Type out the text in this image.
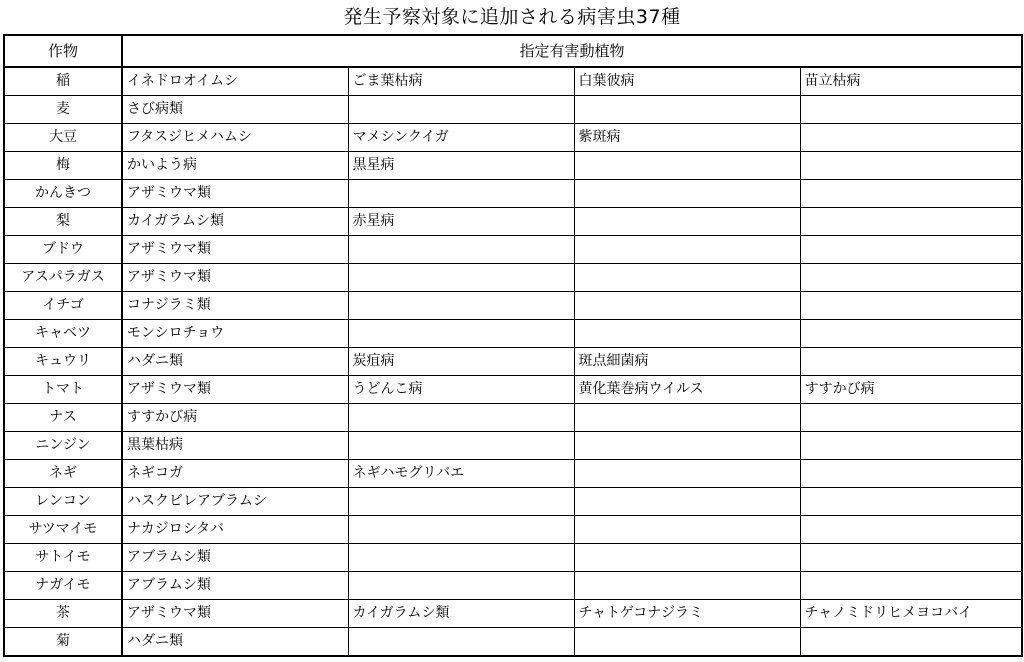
発生予察対象に追加される病害虫37種
作物	指定有害動植物			
稲	イネドロオイムシ	ごま葉枯病	白葉彼病	苗立枯病
麦	さび病類			
大豆	フタスジヒメハムシ	マメシンクイガ	紫斑病	
梅	かいよう病	黒星病		
かんきつ	アザミウマ類			
梨	カイガラムシ類	赤星病		
ブドウ	アザミウマ類			
アスパラガス	アザミウマ類			
イチゴ	コナジラミ類			
キャベツ	モンシロチョウ			
キュウリ	ハダニ類	炭疽病	斑点細菌病	
トマト	アザミウマ類	うどんこ病	黄化葉巻病ウイルス	すすかび病
ナス	すすかび病			
ニンジン	黒葉枯病			
ネギ	ネギコガ	ネギハモグリバエ		
レンコン	ハスクビレアブラムシ			
サツマイモ	ナカジロシタバ			
サトイモ	アブラムシ類			
ナガイモ	アブラムシ類			
茶	アザミウマ類	カイガラムシ類	チャトゲコナジラミ	チャノミドリヒメヨコバイ
菊	ハダニ類			
